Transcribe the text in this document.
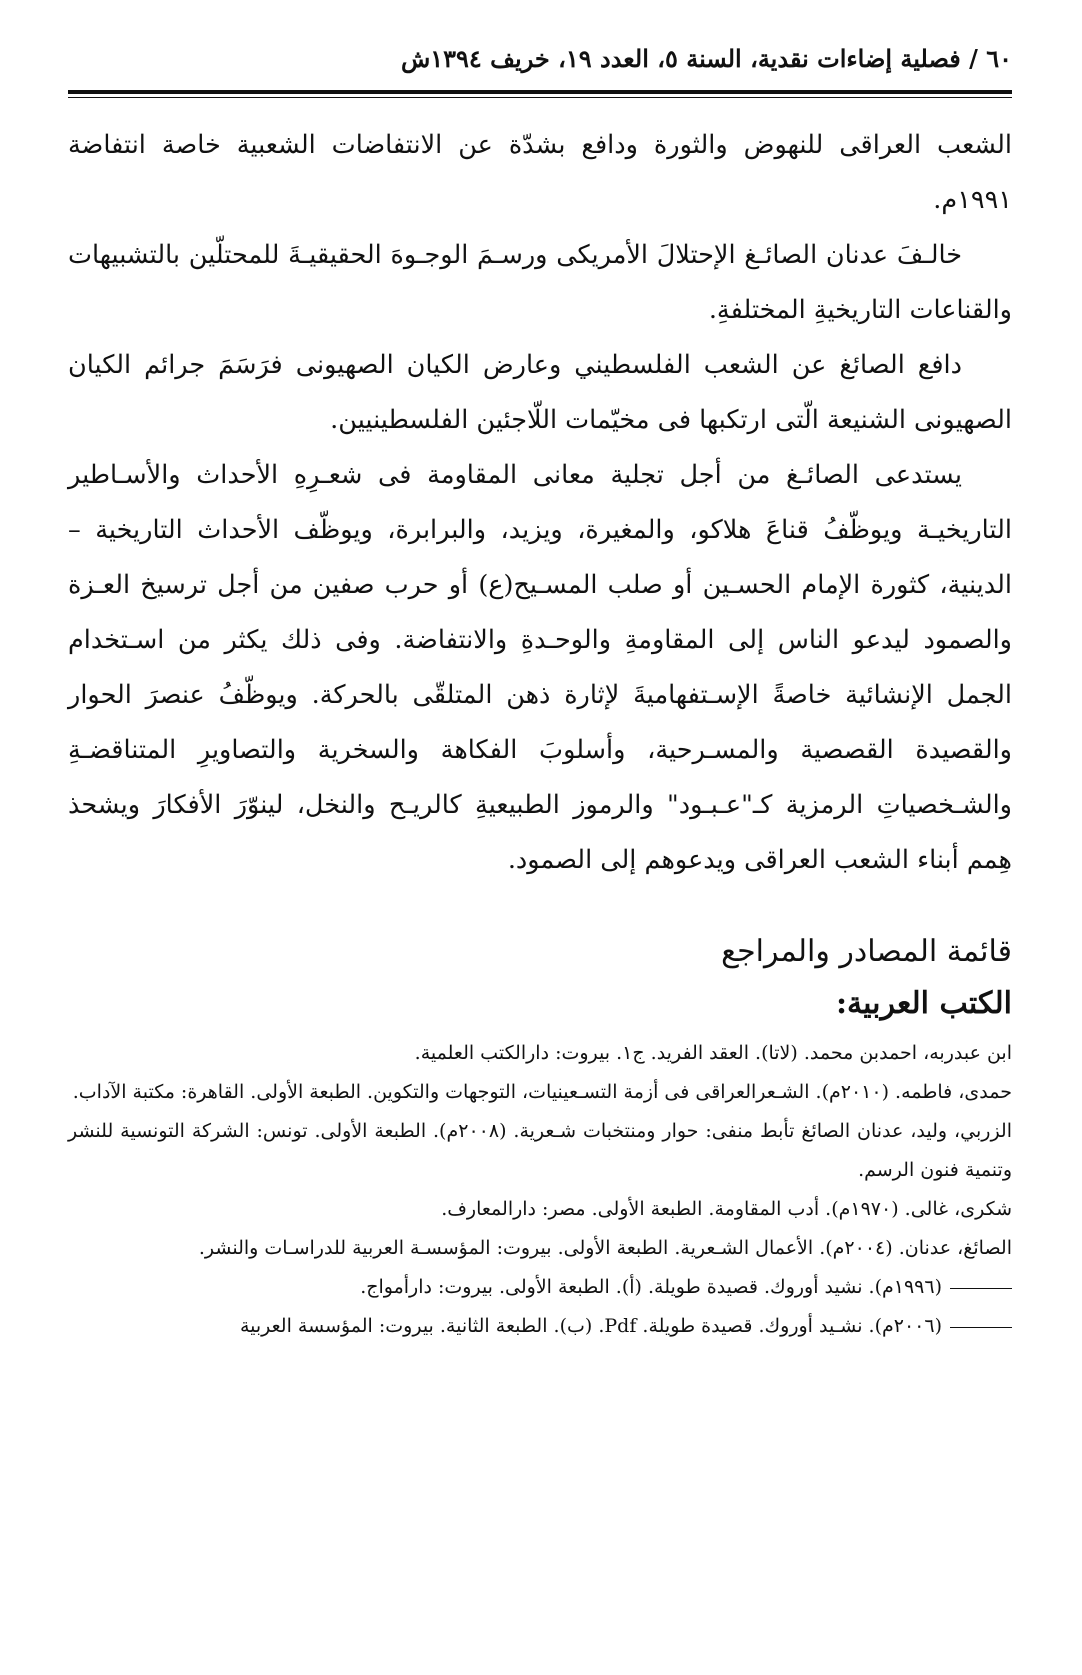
٦٠ / فصلية إضاءات نقدية، السنة ٥، العدد ١٩، خريف ١٣٩٤ش

الشعب العراقی للنهوض والثورة ودافع بشدّة عن الانتفاضات الشعبية خاصة انتفاضة ١٩٩١م.

خالـفَ عدنان الصائـغ الإحتلالَ الأمريكی ورسـمَ الوجـوهَ الحقيقيـةَ للمحتلّين بالتشبيهات والقناعات التاريخيةِ المختلفةِ.

دافع الصائغ عن الشعب الفلسطيني وعارض الكيان الصهيونی فرَسَمَ جرائم الكيان الصهيونی الشنيعة الّتی ارتكبها فی مخيّمات اللّاجئين الفلسطينيين.

يستدعی الصائـغ من أجل تجلية معانی المقاومة فی شعـرِهِ الأحداث والأسـاطير التاريخيـة ويوظّفُ قناعَ هلاكو، والمغيرة، ويزيد، والبرابرة، ويوظّف الأحداث التاريخية – الدينية، كثورة الإمام الحسـين أو صلب المسـيح(ع) أو حرب صفين من أجل ترسيخ العـزة والصمود ليدعو الناس إلی المقاومةِ والوحـدةِ والانتفاضة. وفی ذلك يكثر من اسـتخدام الجمل الإنشائية خاصةً الإسـتفهاميةَ لإثارة ذهن المتلقّی بالحركة. ويوظّفُ عنصرَ الحوار والقصيدة القصصية والمسـرحية، وأسلوبَ الفكاهة والسخرية والتصاويرِ المتناقضـةِ والشـخصياتِ الرمزية كـ"عـبـود" والرموز الطبيعيةِ كالريـح والنخل، لينوّرَ الأفكارَ ويشحذ هِمم أبناء الشعب العراقی ويدعوهم إلی الصمود.

قائمة المصادر والمراجع
الكتب العربية:

ابن عبدربه، احمدبن محمد. (لاتا). العقد الفريد. ج١. بيروت: دارالكتب العلمية.

حمدی، فاطمه. (٢٠١٠م). الشـعرالعراقی فی أزمة التسـعينيات، التوجهات والتكوين. الطبعة الأولی. القاهرة: مكتبة الآداب.

الزربي، وليد، عدنان الصائغ تأبط منفی: حوار ومنتخبات شـعرية. (٢٠٠٨م). الطبعة الأولی. تونس: الشركة التونسية للنشر وتنمية فنون الرسم.

شكری، غالی. (١٩٧٠م). أدب المقاومة. الطبعة الأولی. مصر: دارالمعارف.

الصائغ، عدنان. (٢٠٠٤م). الأعمال الشـعرية. الطبعة الأولی. بيروت: المؤسسـة العربية للدراسـات والنشر.

(١٩٩٦م). نشيد أوروك. قصيدة طويلة. (أ). الطبعة الأولی. بيروت: دارأمواج.

(٢٠٠٦م). نشـيد أوروك. قصيدة طويلة. Pdf. (ب). الطبعة الثانية. بيروت: المؤسسة العربية
